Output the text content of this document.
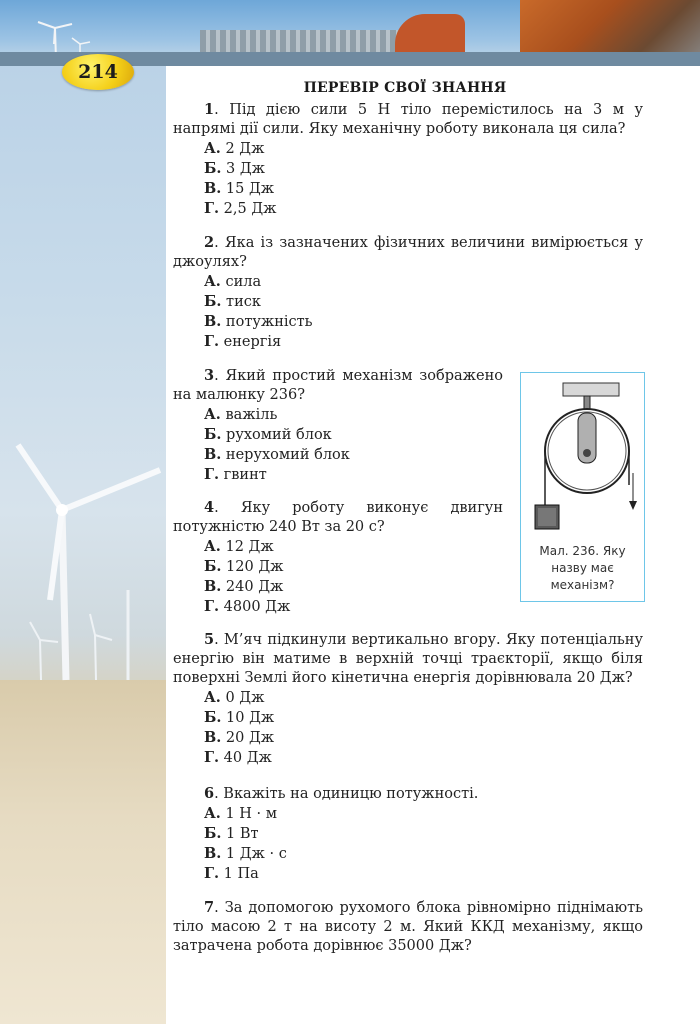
214
ПЕРЕВІР СВОЇ ЗНАННЯ
1. Під дією сили 5 Н тіло перемістилось на 3 м у напрямі дії сили. Яку механічну роботу виконала ця сила?
А. 2 Дж
Б. 3 Дж
В. 15 Дж
Г. 2,5 Дж
2. Яка із зазначених фізичних величини вимірюється у джоулях?
А. сила
Б. тиск
В. потужність
Г. енергія
3. Який простий механізм зображено на малюнку 236?
А. важіль
Б. рухомий блок
В. нерухомий блок
Г. гвинт
4. Яку роботу виконує двигун потужністю 240 Вт за 20 с?
А. 12 Дж
Б. 120 Дж
В. 240 Дж
Г. 4800 Дж
Мал. 236. Яку
назву має
механізм?
5. М’яч підкинули вертикально вгору. Яку потенціальну енергію він матиме в верхній точці траєкторії, якщо біля поверхні Землі його кінетична енергія дорівнювала 20 Дж?
А. 0 Дж
Б. 10 Дж
В. 20 Дж
Г. 40 Дж
6. Вкажіть на одиницю потужності.
А. 1 Н · м
Б. 1 Вт
В. 1 Дж · с
Г. 1 Па
7. За допомогою рухомого блока рівномірно піднімають тіло масою 2 т на висоту 2 м. Який ККД механізму, якщо затрачена робота дорівнює 35000 Дж?
